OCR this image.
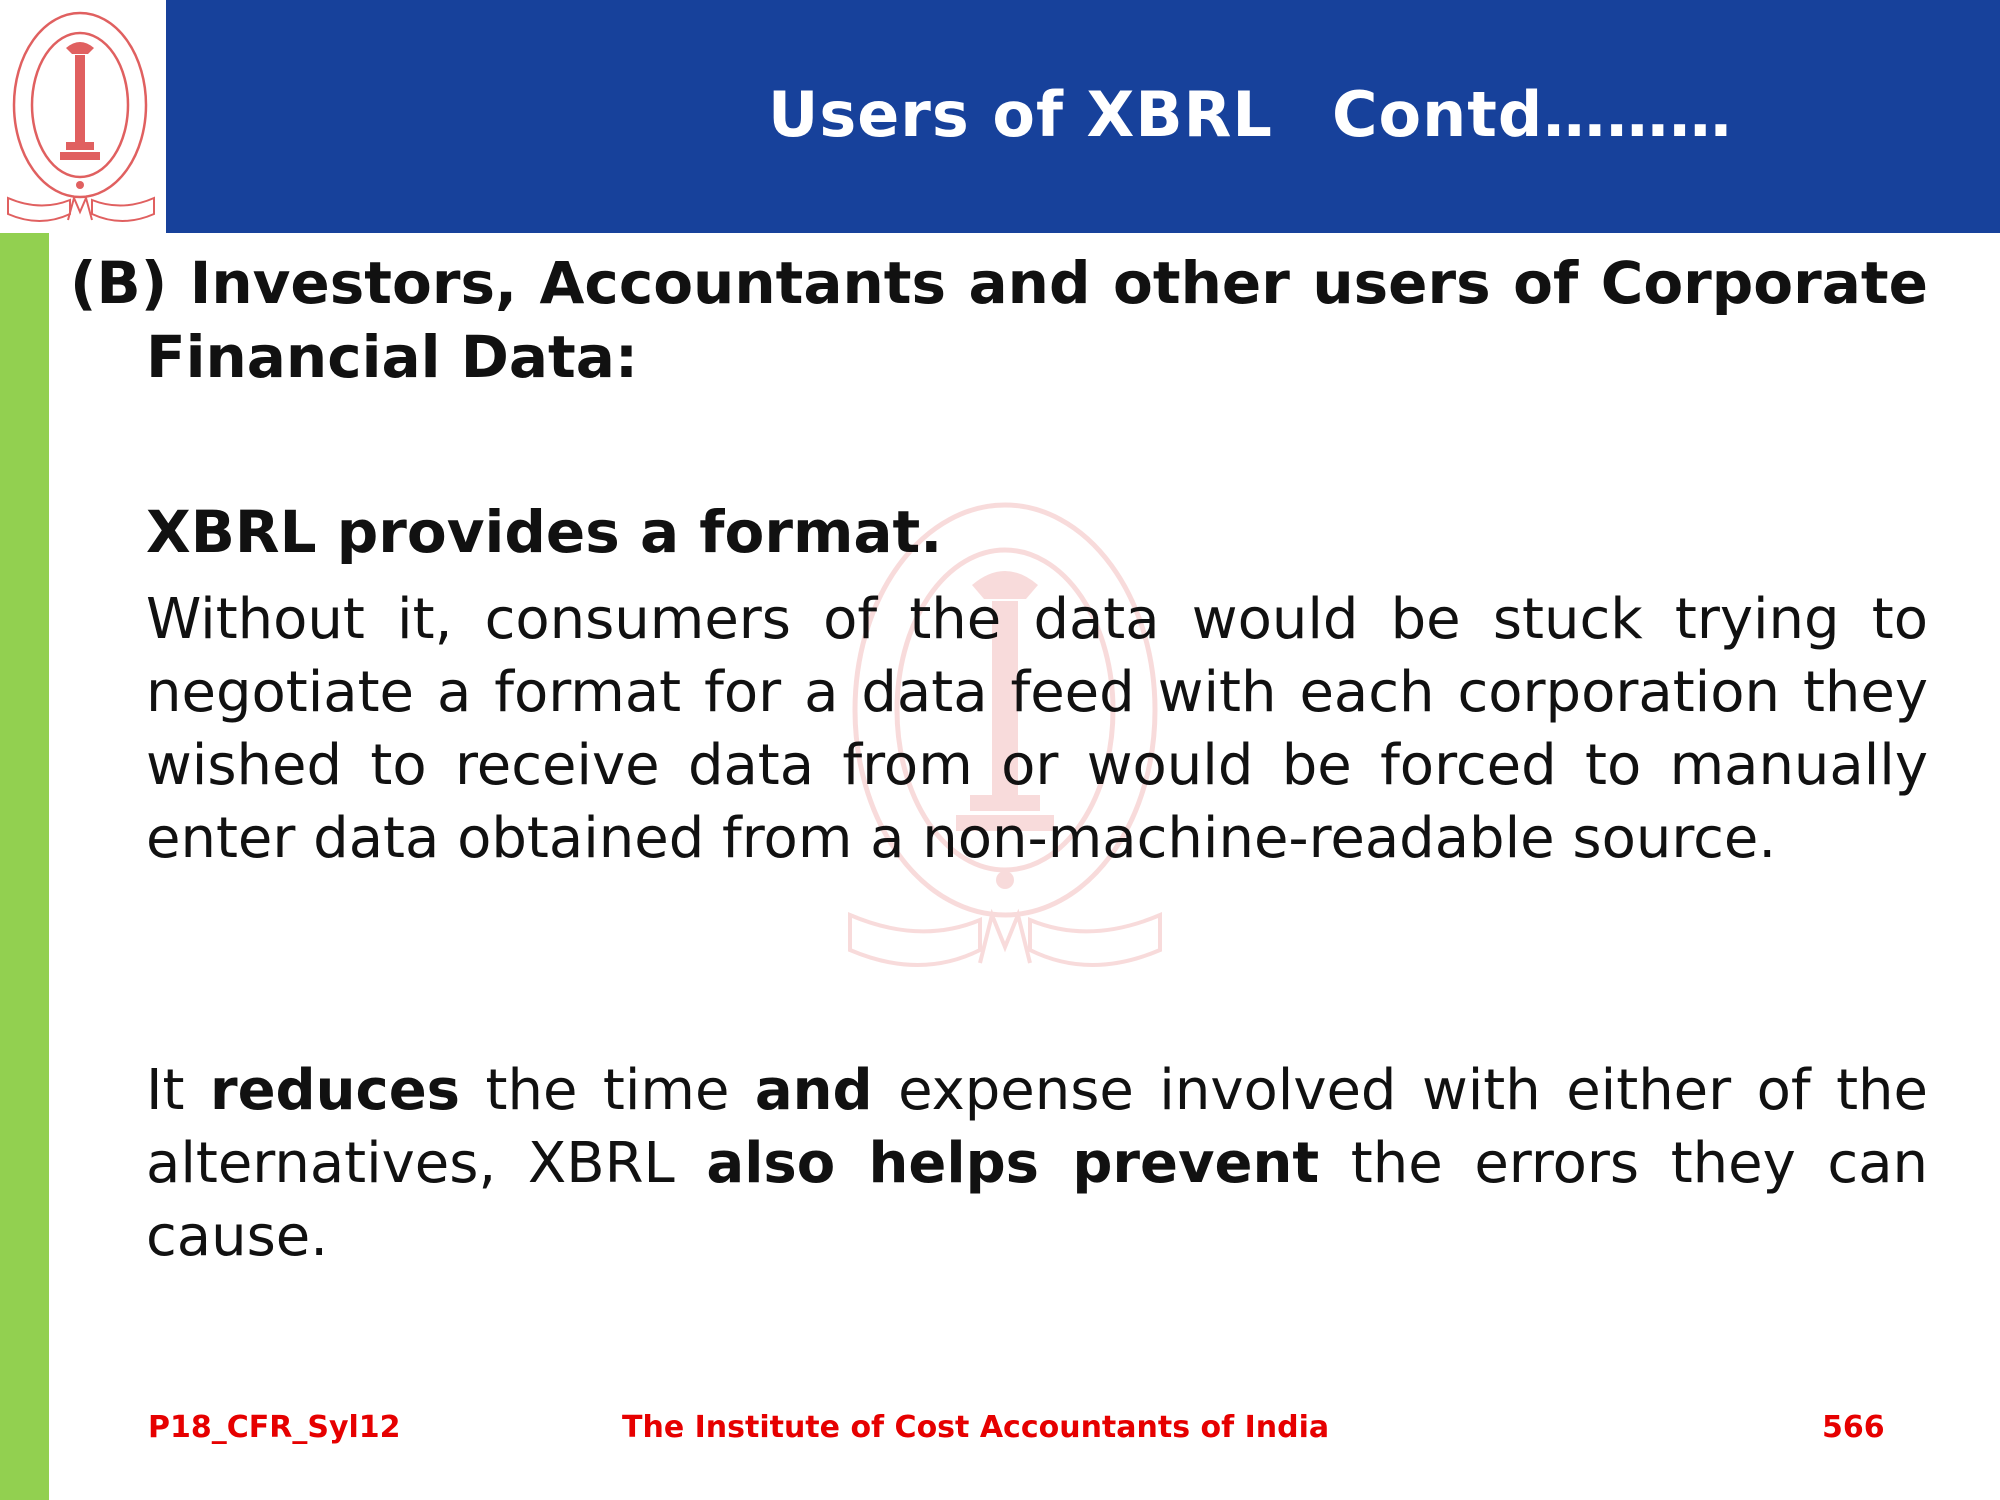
Users of XBRL Contd………
(B) Investors, Accountants and other users of Corporate
Financial Data:
XBRL provides a format.
Without it, consumers of the data would be stuck trying to negotiate a format for a data feed with each corporation they wished to receive data from or would be forced to manually enter data obtained from a non-machine-readable source.
It reduces the time and expense involved with either of the alternatives, XBRL also helps prevent the errors they can cause.
P18_CFR_Syl12	The Institute of Cost Accountants of India	566
